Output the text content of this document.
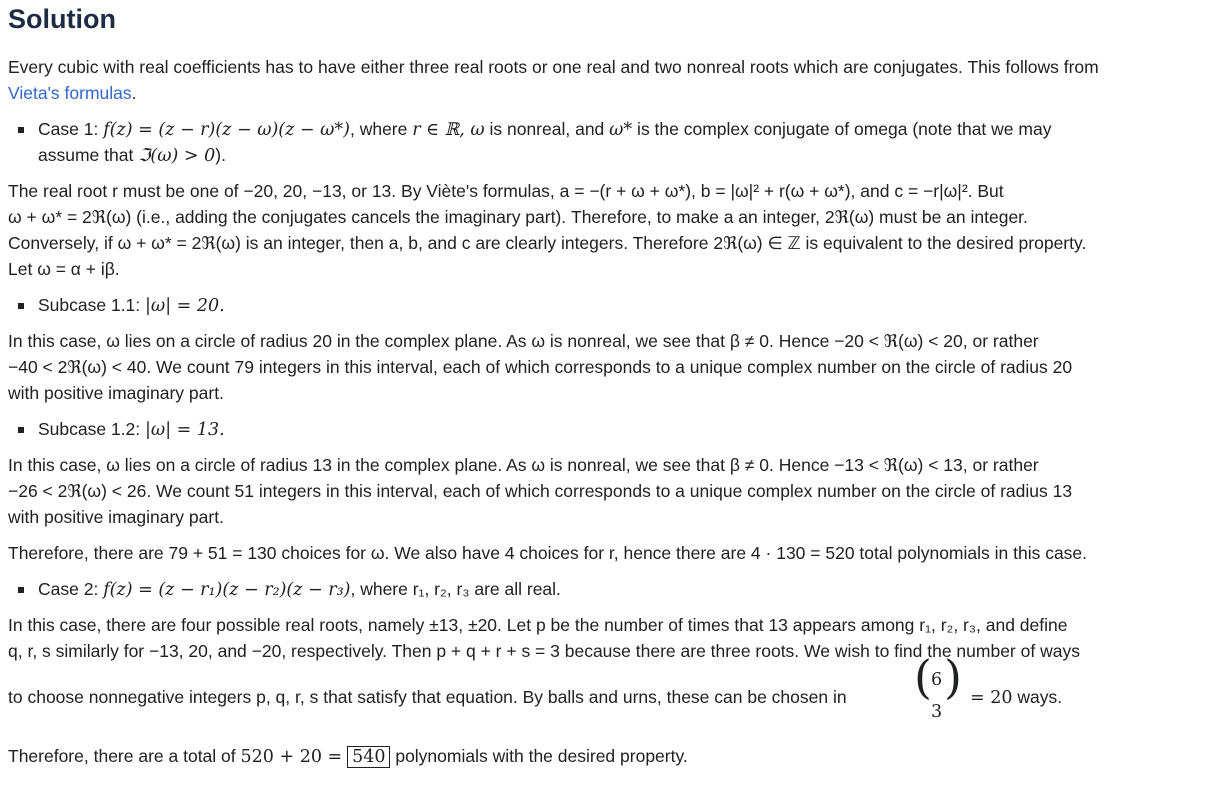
Solution
Every cubic with real coefficients has to have either three real roots or one real and two nonreal roots which are conjugates. This follows from
Vieta's formulas.
Case 1: f(z) = (z − r)(z − ω)(z − ω*), where r ∈ ℝ, ω is nonreal, and ω* is the complex conjugate of omega (note that we may
assume that ℑ(ω) > 0).
The real root r must be one of −20, 20, −13, or 13. By Viète's formulas, a = −(r + ω + ω*), b = |ω|² + r(ω + ω*), and c = −r|ω|². But
ω + ω* = 2ℜ(ω) (i.e., adding the conjugates cancels the imaginary part). Therefore, to make a an integer, 2ℜ(ω) must be an integer.
Conversely, if ω + ω* = 2ℜ(ω) is an integer, then a, b, and c are clearly integers. Therefore 2ℜ(ω) ∈ ℤ is equivalent to the desired property.
Let ω = α + iβ.
Subcase 1.1: |ω| = 20.
In this case, ω lies on a circle of radius 20 in the complex plane. As ω is nonreal, we see that β ≠ 0. Hence −20 < ℜ(ω) < 20, or rather
−40 < 2ℜ(ω) < 40. We count 79 integers in this interval, each of which corresponds to a unique complex number on the circle of radius 20
with positive imaginary part.
Subcase 1.2: |ω| = 13.
In this case, ω lies on a circle of radius 13 in the complex plane. As ω is nonreal, we see that β ≠ 0. Hence −13 < ℜ(ω) < 13, or rather
−26 < 2ℜ(ω) < 26. We count 51 integers in this interval, each of which corresponds to a unique complex number on the circle of radius 13
with positive imaginary part.
Therefore, there are 79 + 51 = 130 choices for ω. We also have 4 choices for r, hence there are 4 · 130 = 520 total polynomials in this case.
Case 2: f(z) = (z − r₁)(z − r₂)(z − r₃), where r₁, r₂, r₃ are all real.
In this case, there are four possible real roots, namely ±13, ±20. Let p be the number of times that 13 appears among r₁, r₂, r₃, and define
q, r, s similarly for −13, 20, and −20, respectively. Then p + q + r + s = 3 because there are three roots. We wish to find the number of ways
to choose nonnegative integers p, q, r, s that satisfy that equation. By balls and urns, these can be chosen in ( 6
3
) = 20 ways.
Therefore, there are a total of 520 + 20 = 540 polynomials with the desired property.
